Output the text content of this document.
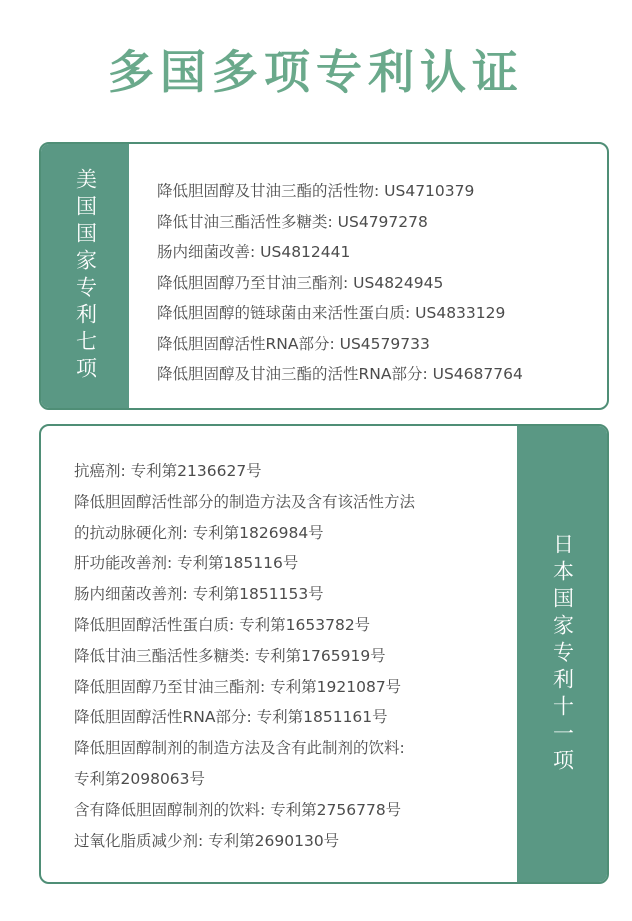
多国多项专利认证
美国国家专利七项	降低胆固醇及甘油三酯的活性物: US4710379
降低甘油三酯活性多糖类: US4797278
肠内细菌改善: US4812441
降低胆固醇乃至甘油三酯剂: US4824945
降低胆固醇的链球菌由来活性蛋白质: US4833129
降低胆固醇活性RNA部分: US4579733
降低胆固醇及甘油三酯的活性RNA部分: US4687764
抗癌剂: 专利第2136627号
降低胆固醇活性部分的制造方法及含有该活性方法
的抗动脉硬化剂: 专利第1826984号
肝功能改善剂: 专利第185116号
肠内细菌改善剂: 专利第1851153号
降低胆固醇活性蛋白质: 专利第1653782号
降低甘油三酯活性多糖类: 专利第1765919号
降低胆固醇乃至甘油三酯剂: 专利第1921087号
降低胆固醇活性RNA部分: 专利第1851161号
降低胆固醇制剂的制造方法及含有此制剂的饮料:
专利第2098063号
含有降低胆固醇制剂的饮料: 专利第2756778号
过氧化脂质减少剂: 专利第2690130号
日本国家专利十一项
